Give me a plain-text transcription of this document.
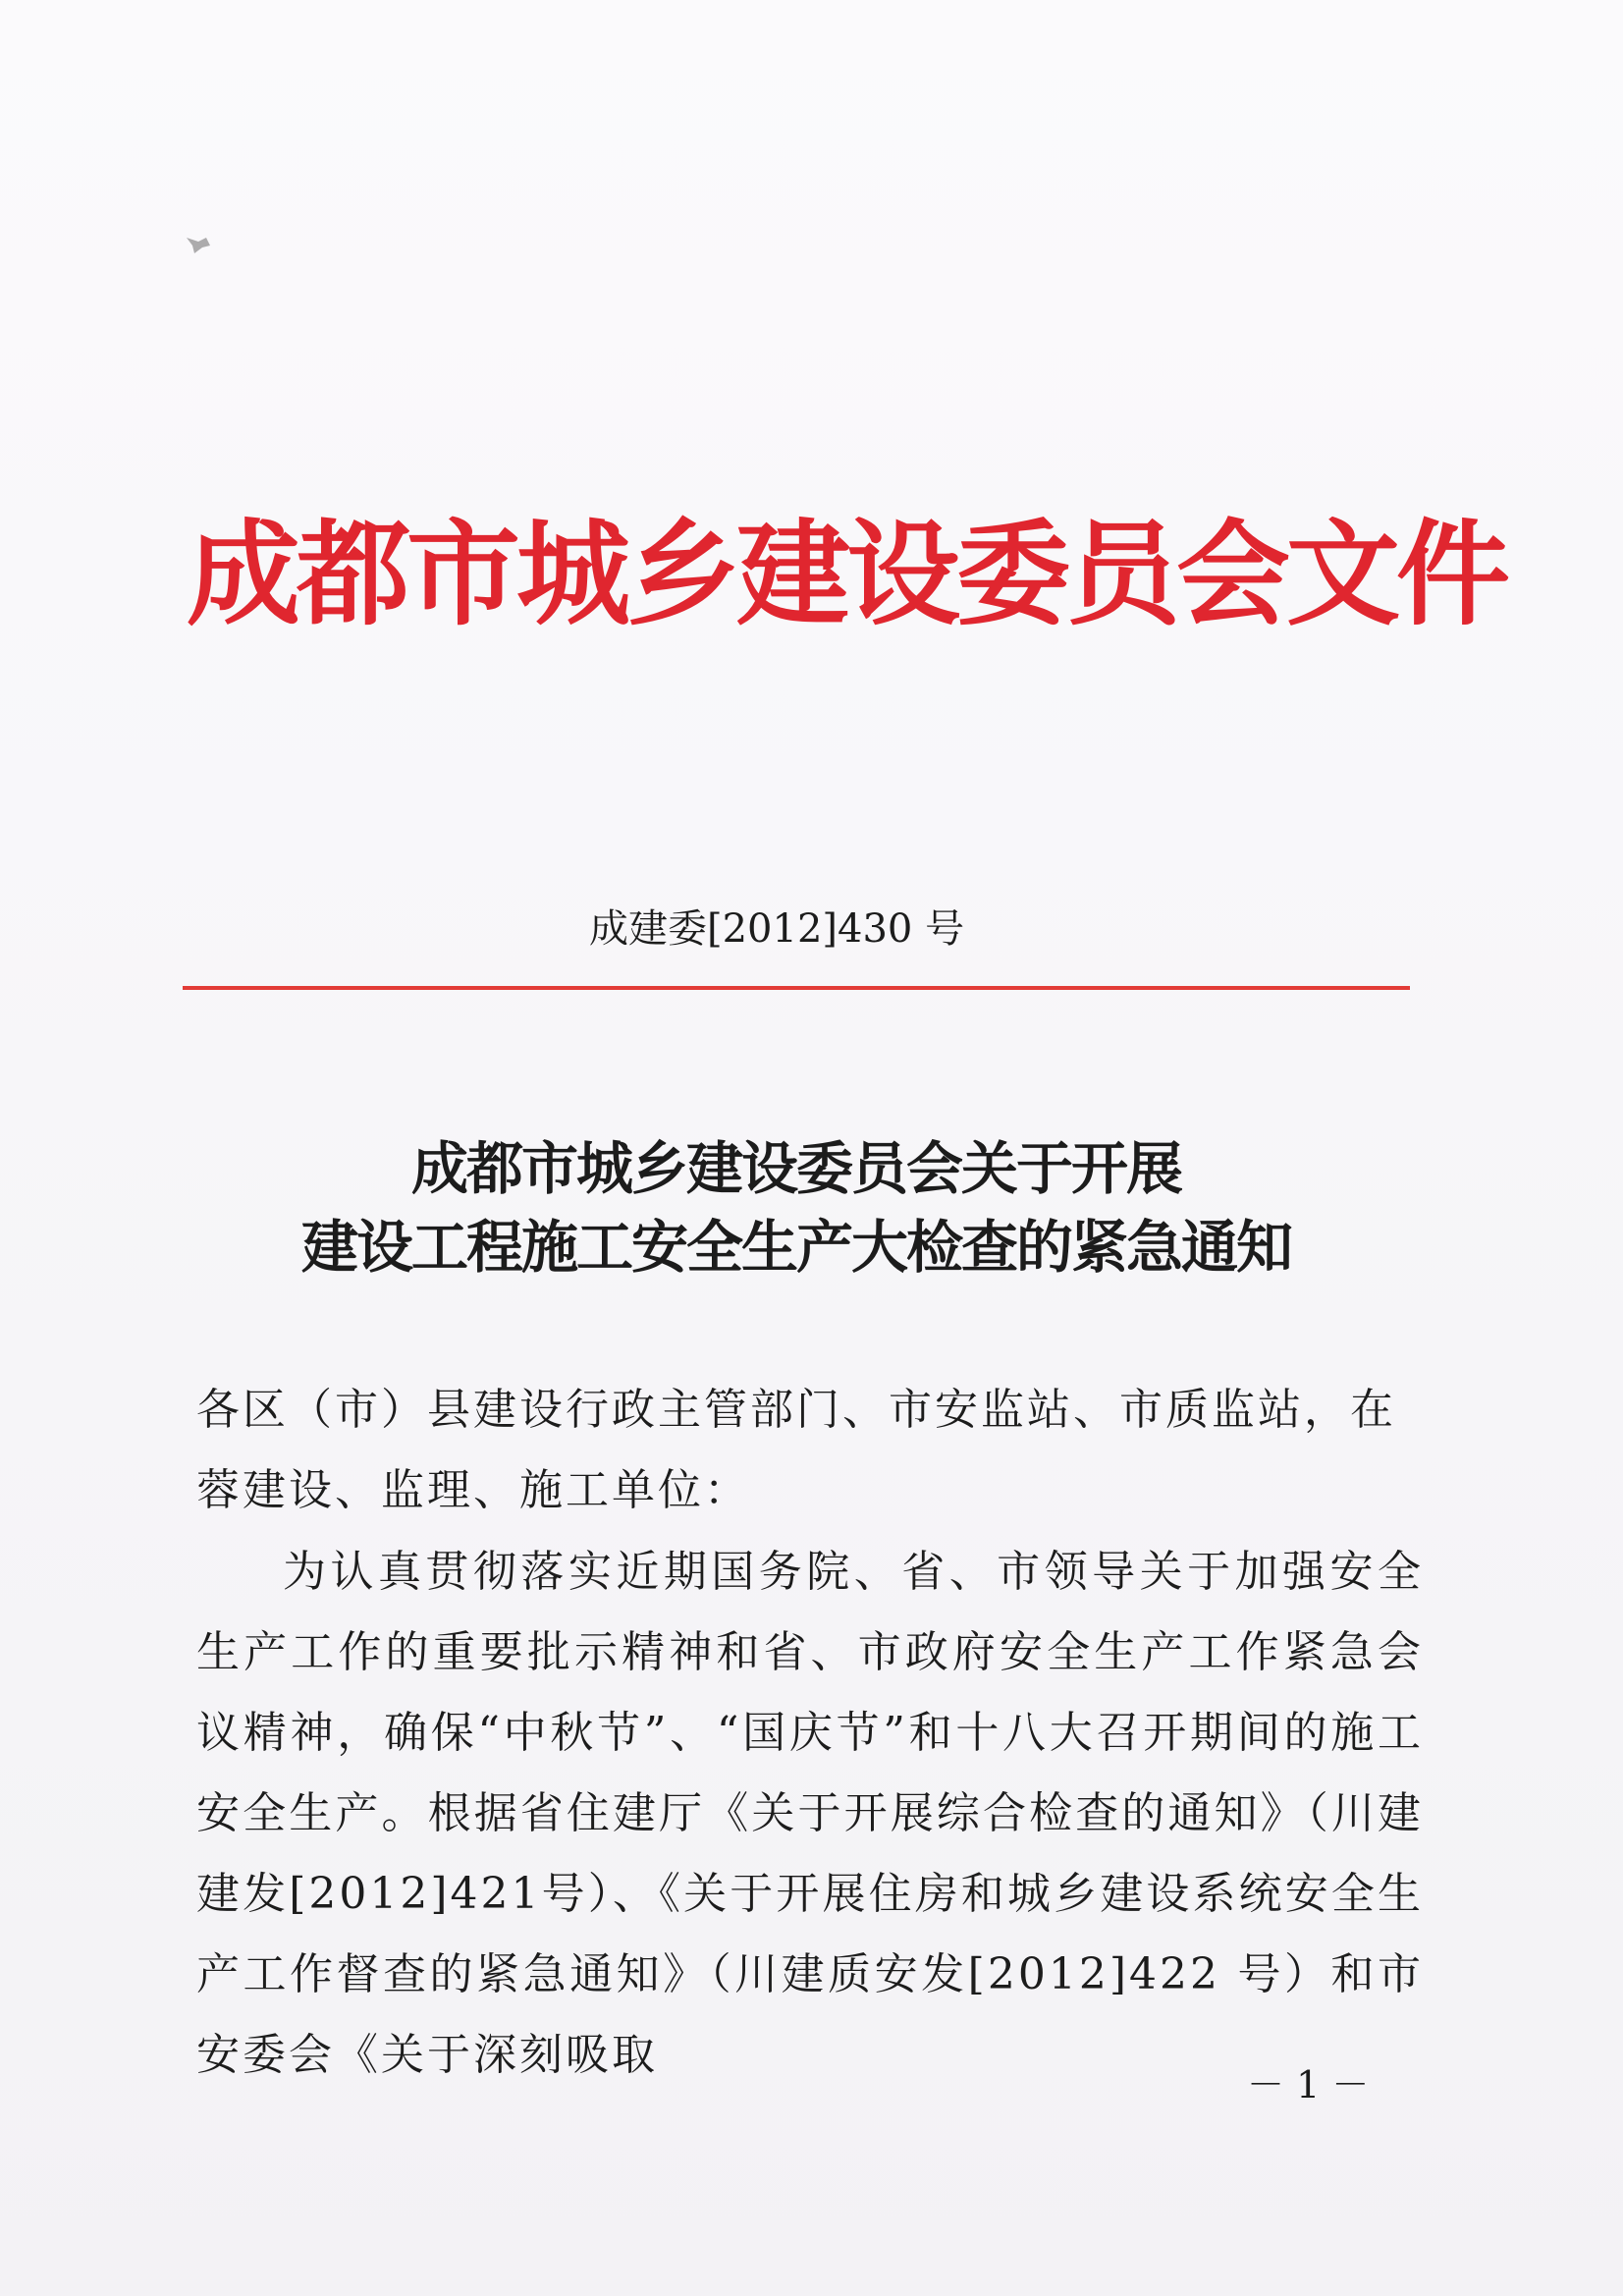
成都市城乡建设委员会文件
成建委[2012]430 号
成都市城乡建设委员会关于开展
建设工程施工安全生产大检查的紧急通知

各区（市）县建设行政主管部门、市安监站、市质监站，在蓉建设、监理、施工单位：

为认真贯彻落实近期国务院、省、市领导关于加强安全生产工作的重要批示精神和省、市政府安全生产工作紧急会议精神，确保“中秋节”、“国庆节”和十八大召开期间的施工安全生产。根据省住建厅《关于开展综合检查的通知》（川建建发[2012]421号）、《关于开展住房和城乡建设系统安全生产工作督查的紧急通知》（川建质安发[2012]422 号）和市安委会《关于深刻吸取

－ 1 －
